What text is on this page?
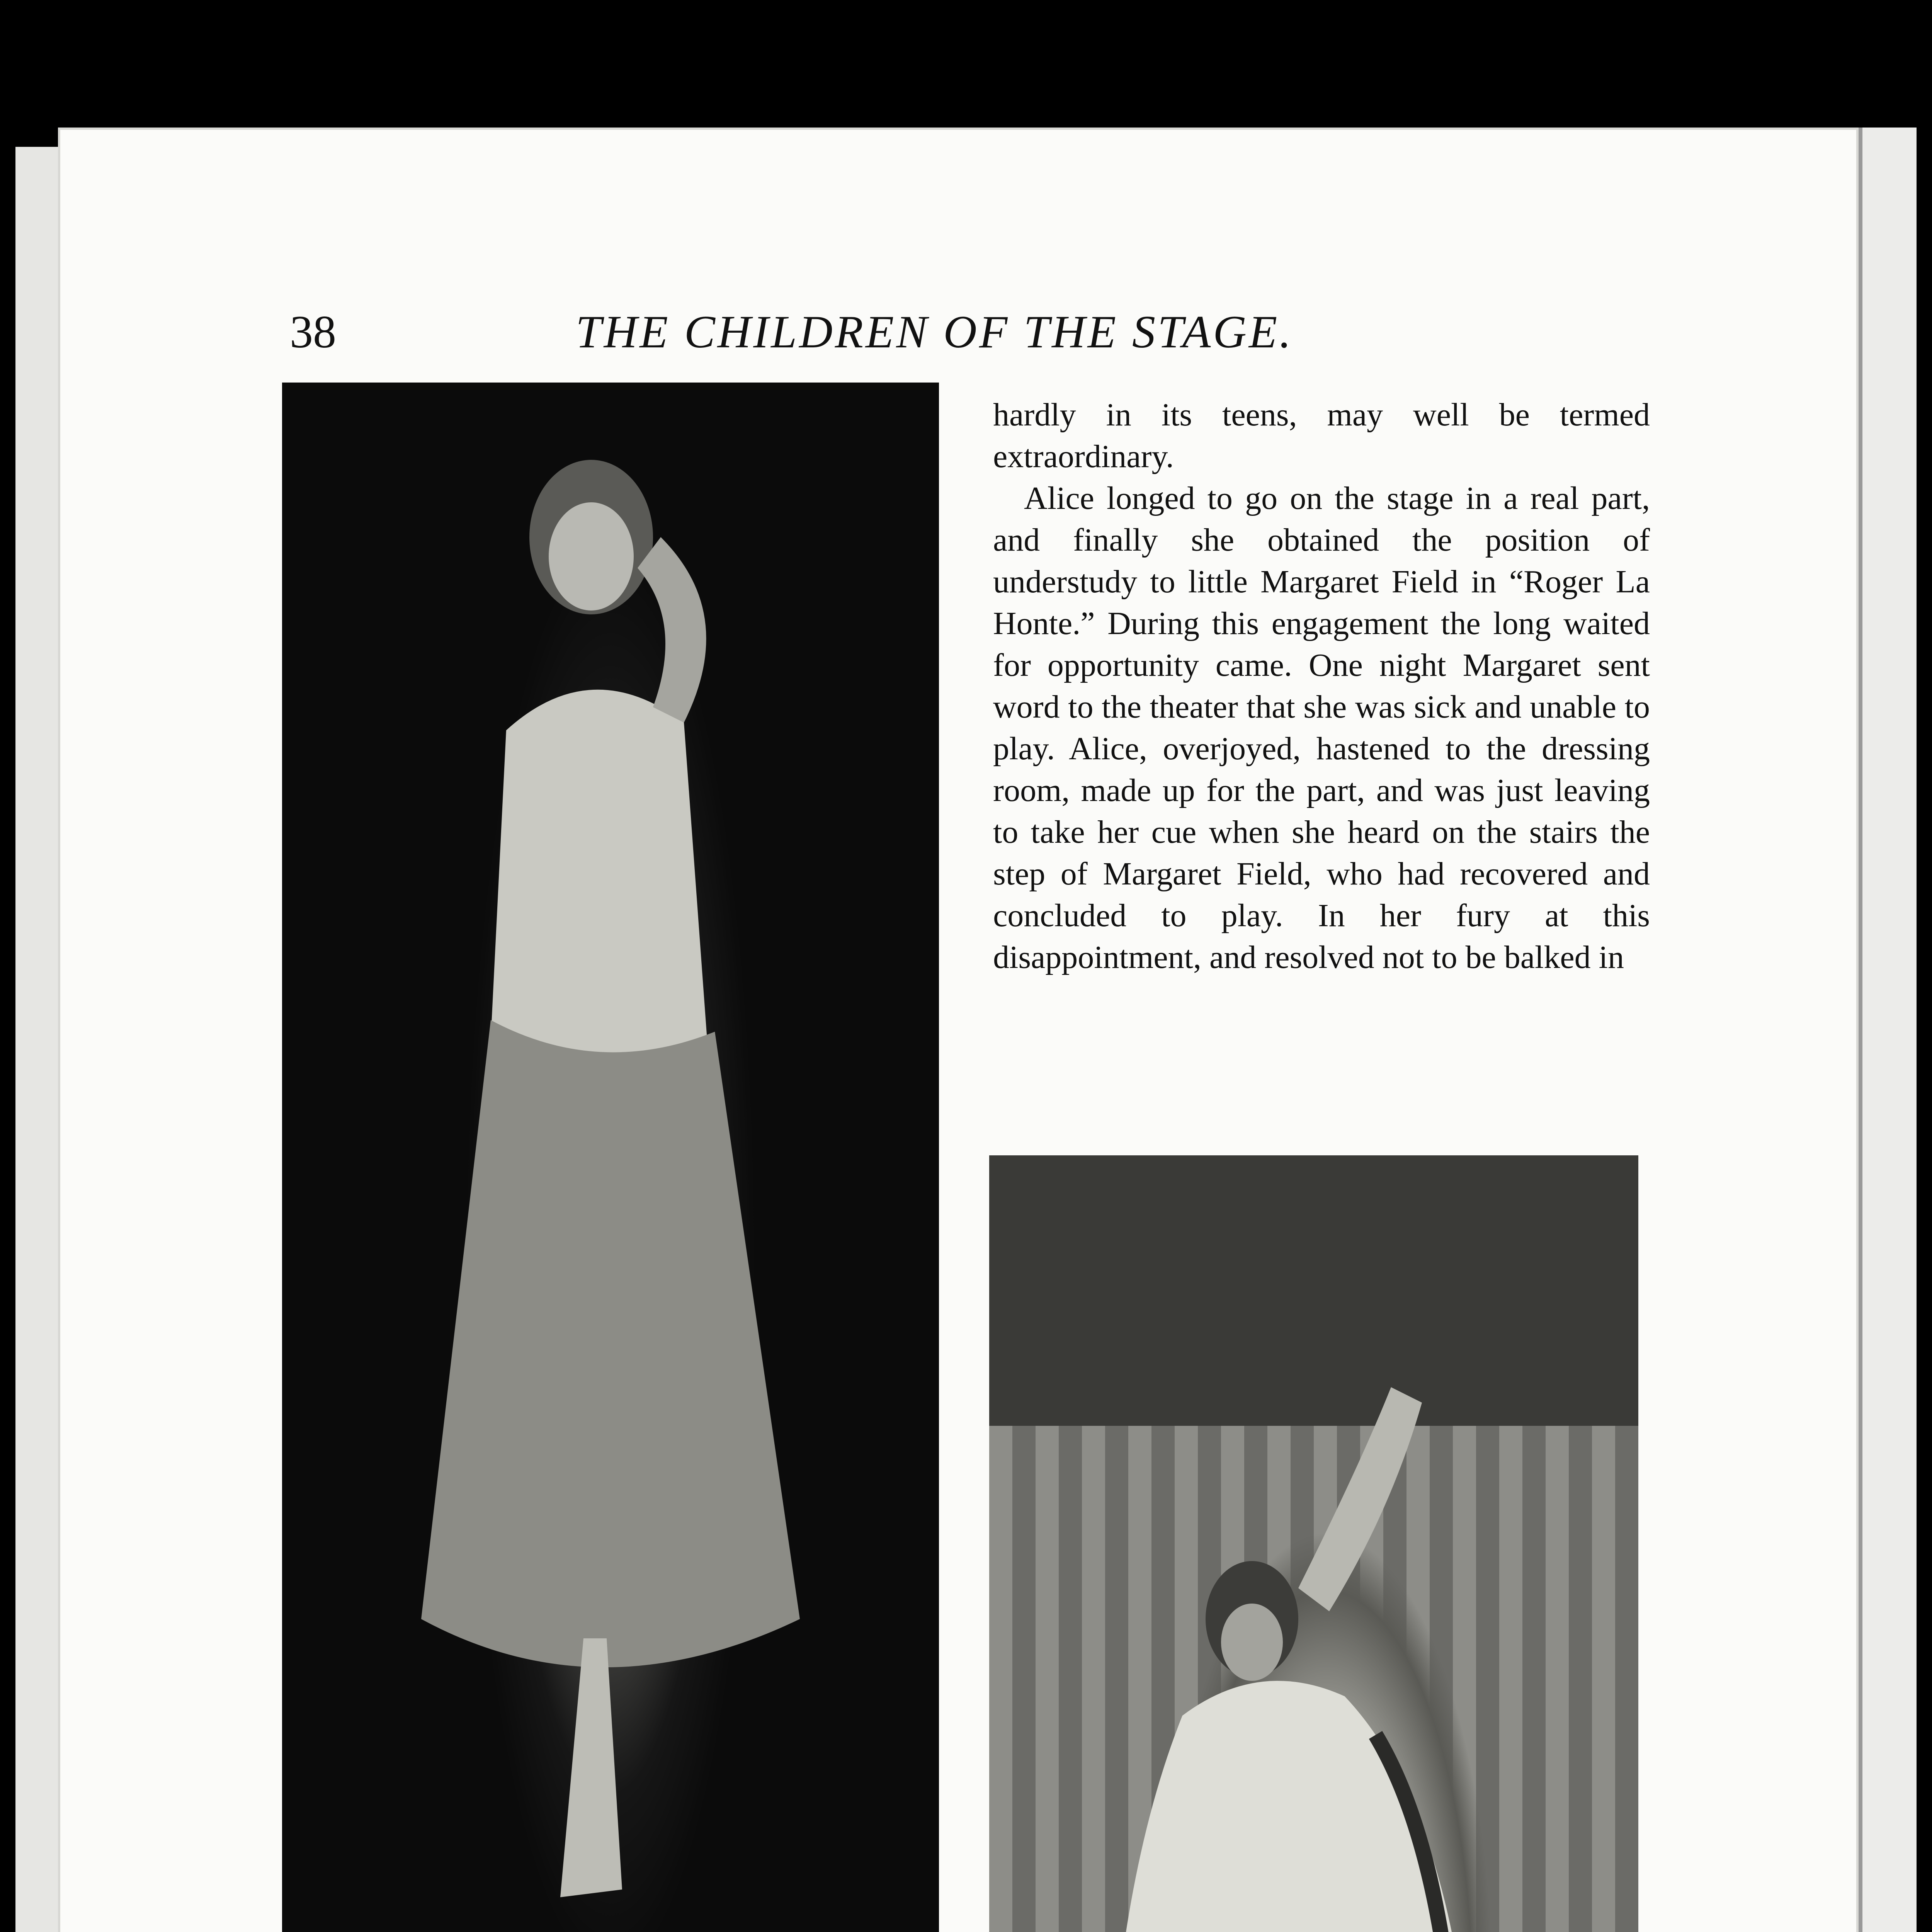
38	THE CHILDREN OF THE STAGE.

hardly in its teens, may well be termed extraordinary.

Alice longed to go on the stage in a real part, and finally she obtained the position of understudy to little Margaret Field in “Roger La Honte.” During this engagement the long waited for opportunity came. One night Margaret sent word to the theater that she was sick and unable to play. Alice, overjoyed, hastened to the dressing room, made up for the part, and was just leaving to take her cue when she heard on the stairs the step of Margaret Field, who had recovered and concluded to play. In her fury at this disappointment, and resolved not to be balked in
